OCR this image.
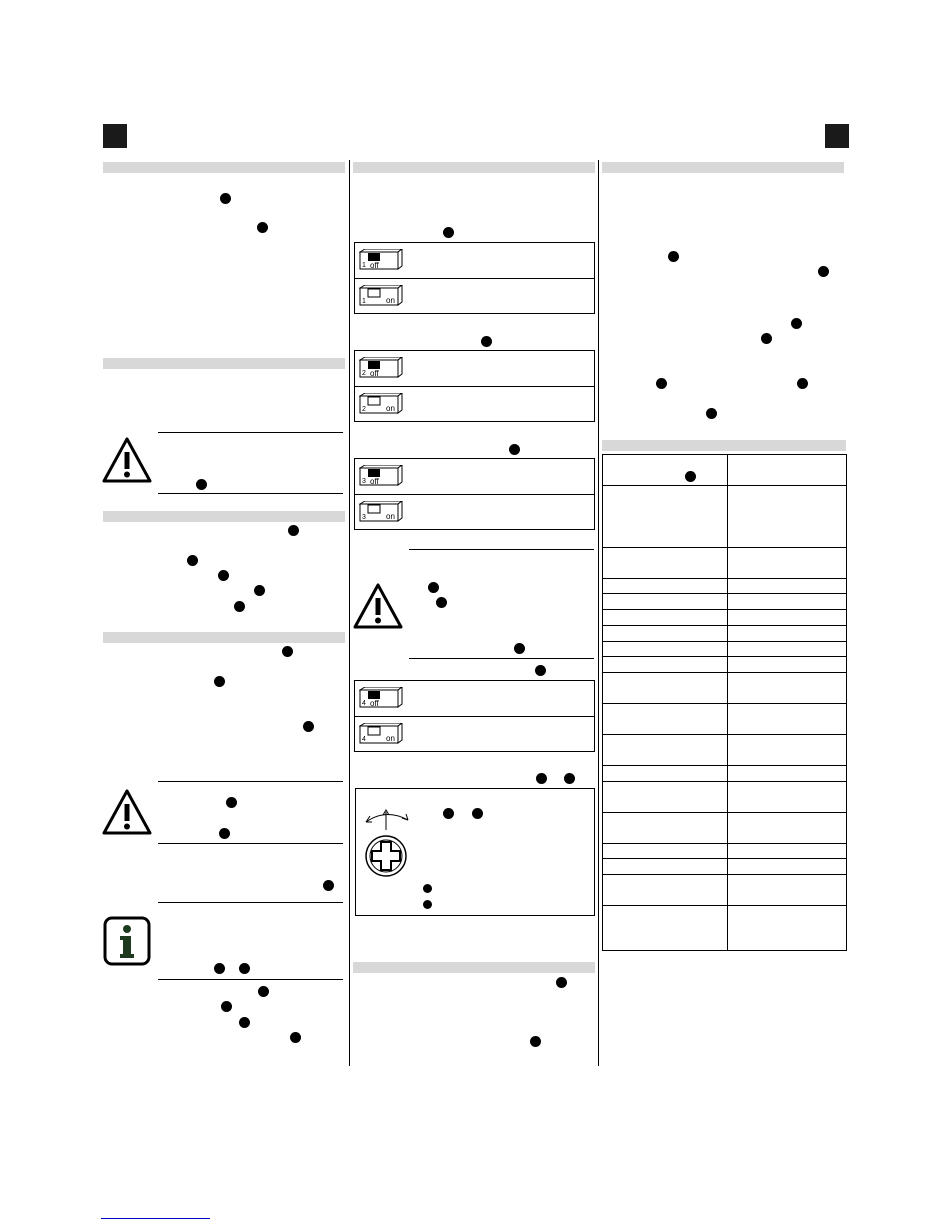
off
1
on
1
off
2
on
2
off
3
on
3
off
4
on
4
